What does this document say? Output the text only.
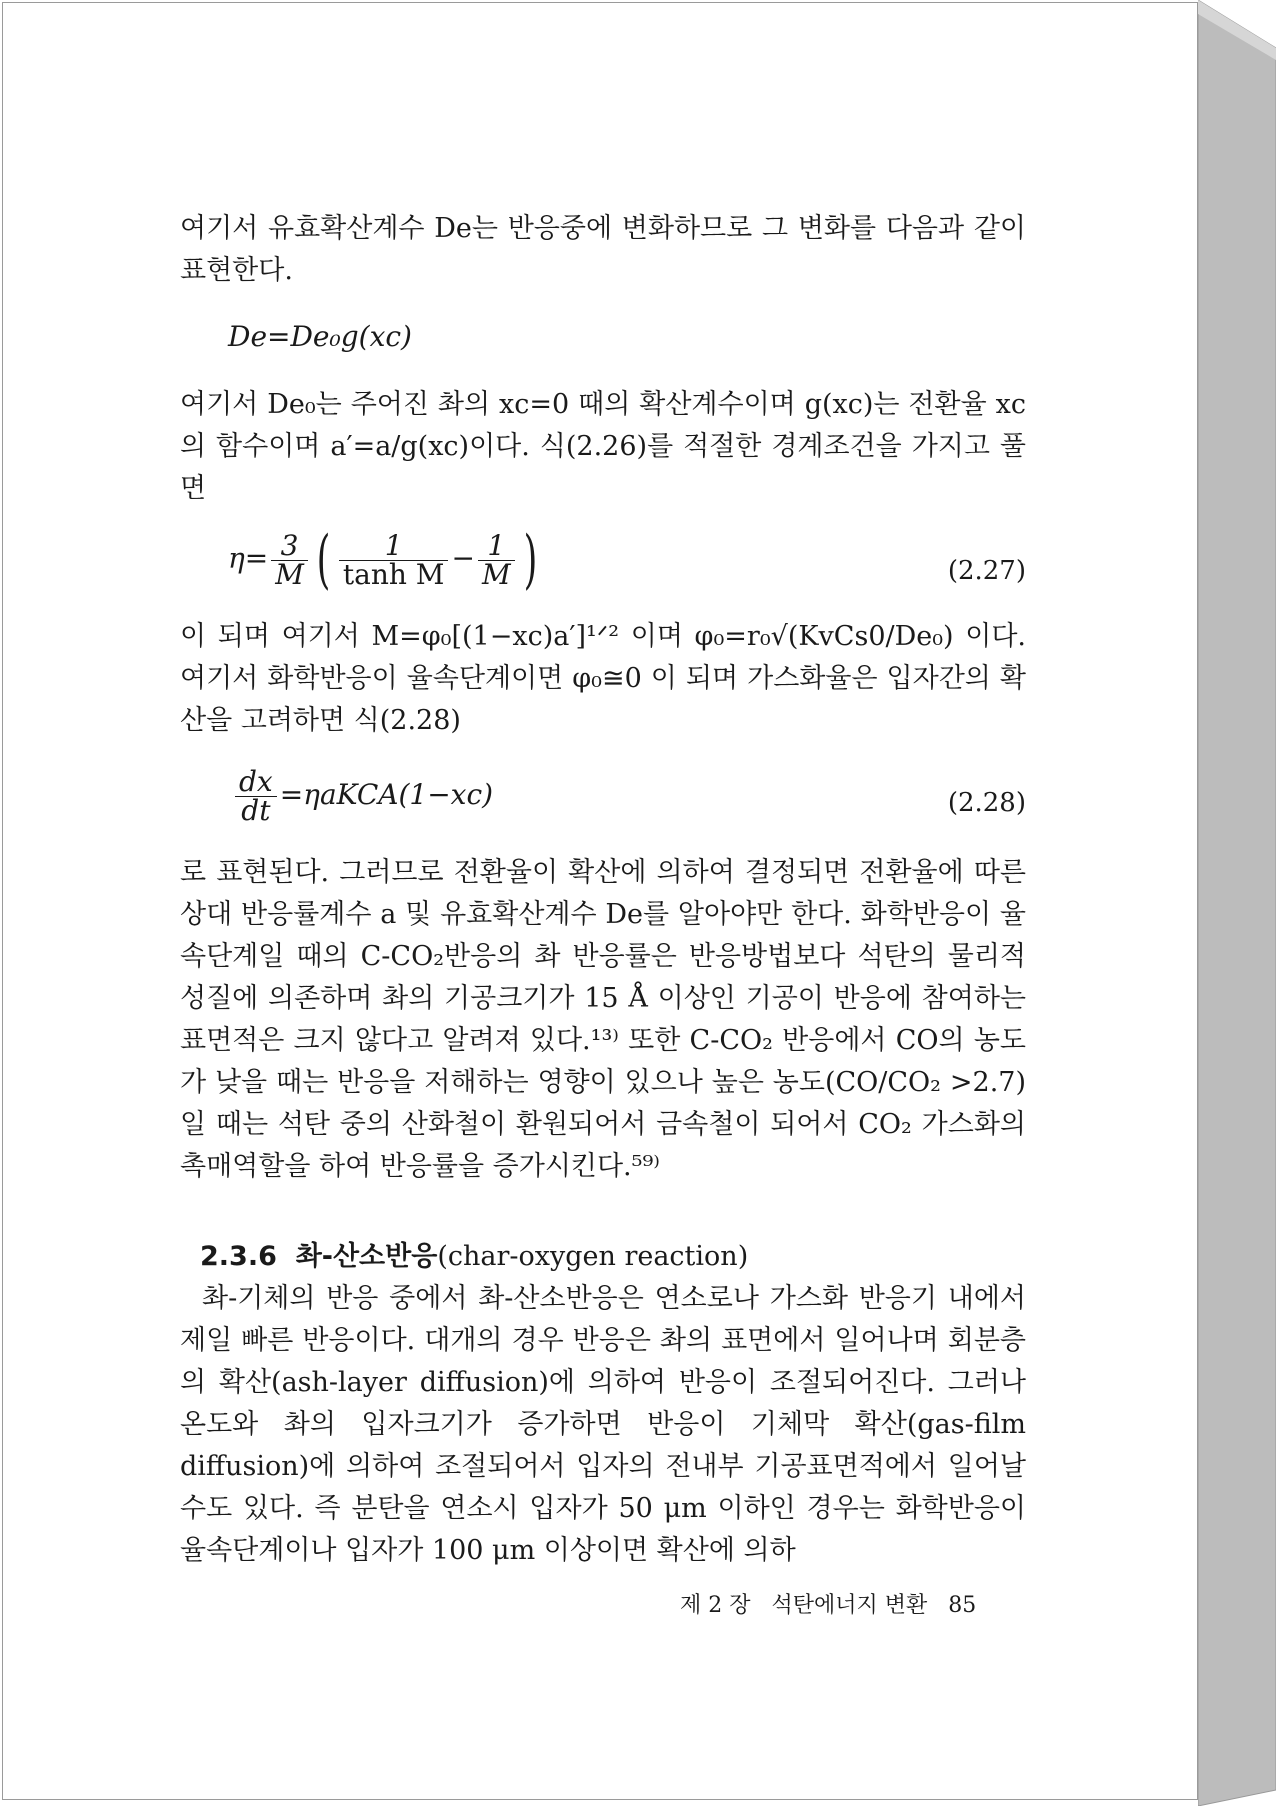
여기서 유효확산계수 De는 반응중에 변화하므로 그 변화를 다음과 같이 표현한다.

De=De₀g(xc)

여기서 De₀는 주어진 촤의 xc=0 때의 확산계수이며 g(xc)는 전환율 xc의 함수이며 a′=a/g(xc)이다. 식(2.26)를 적절한 경계조건을 가지고 풀면

$\eta= \frac{3}{M}$ ( $\frac{1}{\text{tanh M}} - \frac{1}{M}$ )	(2.27)

이 되며 여기서 M=φ₀[(1−xc)a′]¹ᐟ² 이며 φ₀=r₀√(KvCs0/De₀) 이다. 여기서 화학반응이 율속단계이면 φ₀≅0 이 되며 가스화율은 입자간의 확산을 고려하면 식(2.28)

$\frac{dx}{dt}$ =ηaKCA(1−xc)	(2.28)

로 표현된다. 그러므로 전환율이 확산에 의하여 결정되면 전환율에 따른 상대 반응률계수 a 및 유효확산계수 De를 알아야만 한다. 화학반응이 율속단계일 때의 C-CO₂반응의 촤 반응률은 반응방법보다 석탄의 물리적 성질에 의존하며 촤의 기공크기가 15 Å 이상인 기공이 반응에 참여하는 표면적은 크지 않다고 알려져 있다.¹³⁾ 또한 C-CO₂ 반응에서 CO의 농도가 낮을 때는 반응을 저해하는 영향이 있으나 높은 농도(CO/CO₂ >2.7)일 때는 석탄 중의 산화철이 환원되어서 금속철이 되어서 CO₂ 가스화의 촉매역할을 하여 반응률을 증가시킨다.⁵⁹⁾

2.3.6 촤-산소반응(char-oxygen reaction)

촤-기체의 반응 중에서 촤-산소반응은 연소로나 가스화 반응기 내에서 제일 빠른 반응이다. 대개의 경우 반응은 촤의 표면에서 일어나며 회분층의 확산(ash-layer diffusion)에 의하여 반응이 조절되어진다. 그러나 온도와 촤의 입자크기가 증가하면 반응이 기체막 확산(gas-film diffusion)에 의하여 조절되어서 입자의 전내부 기공표면적에서 일어날 수도 있다. 즉 분탄을 연소시 입자가 50 μm 이하인 경우는 화학반응이 율속단계이나 입자가 100 μm 이상이면 확산에 의하

제 2 장   석탄에너지 변환   85
